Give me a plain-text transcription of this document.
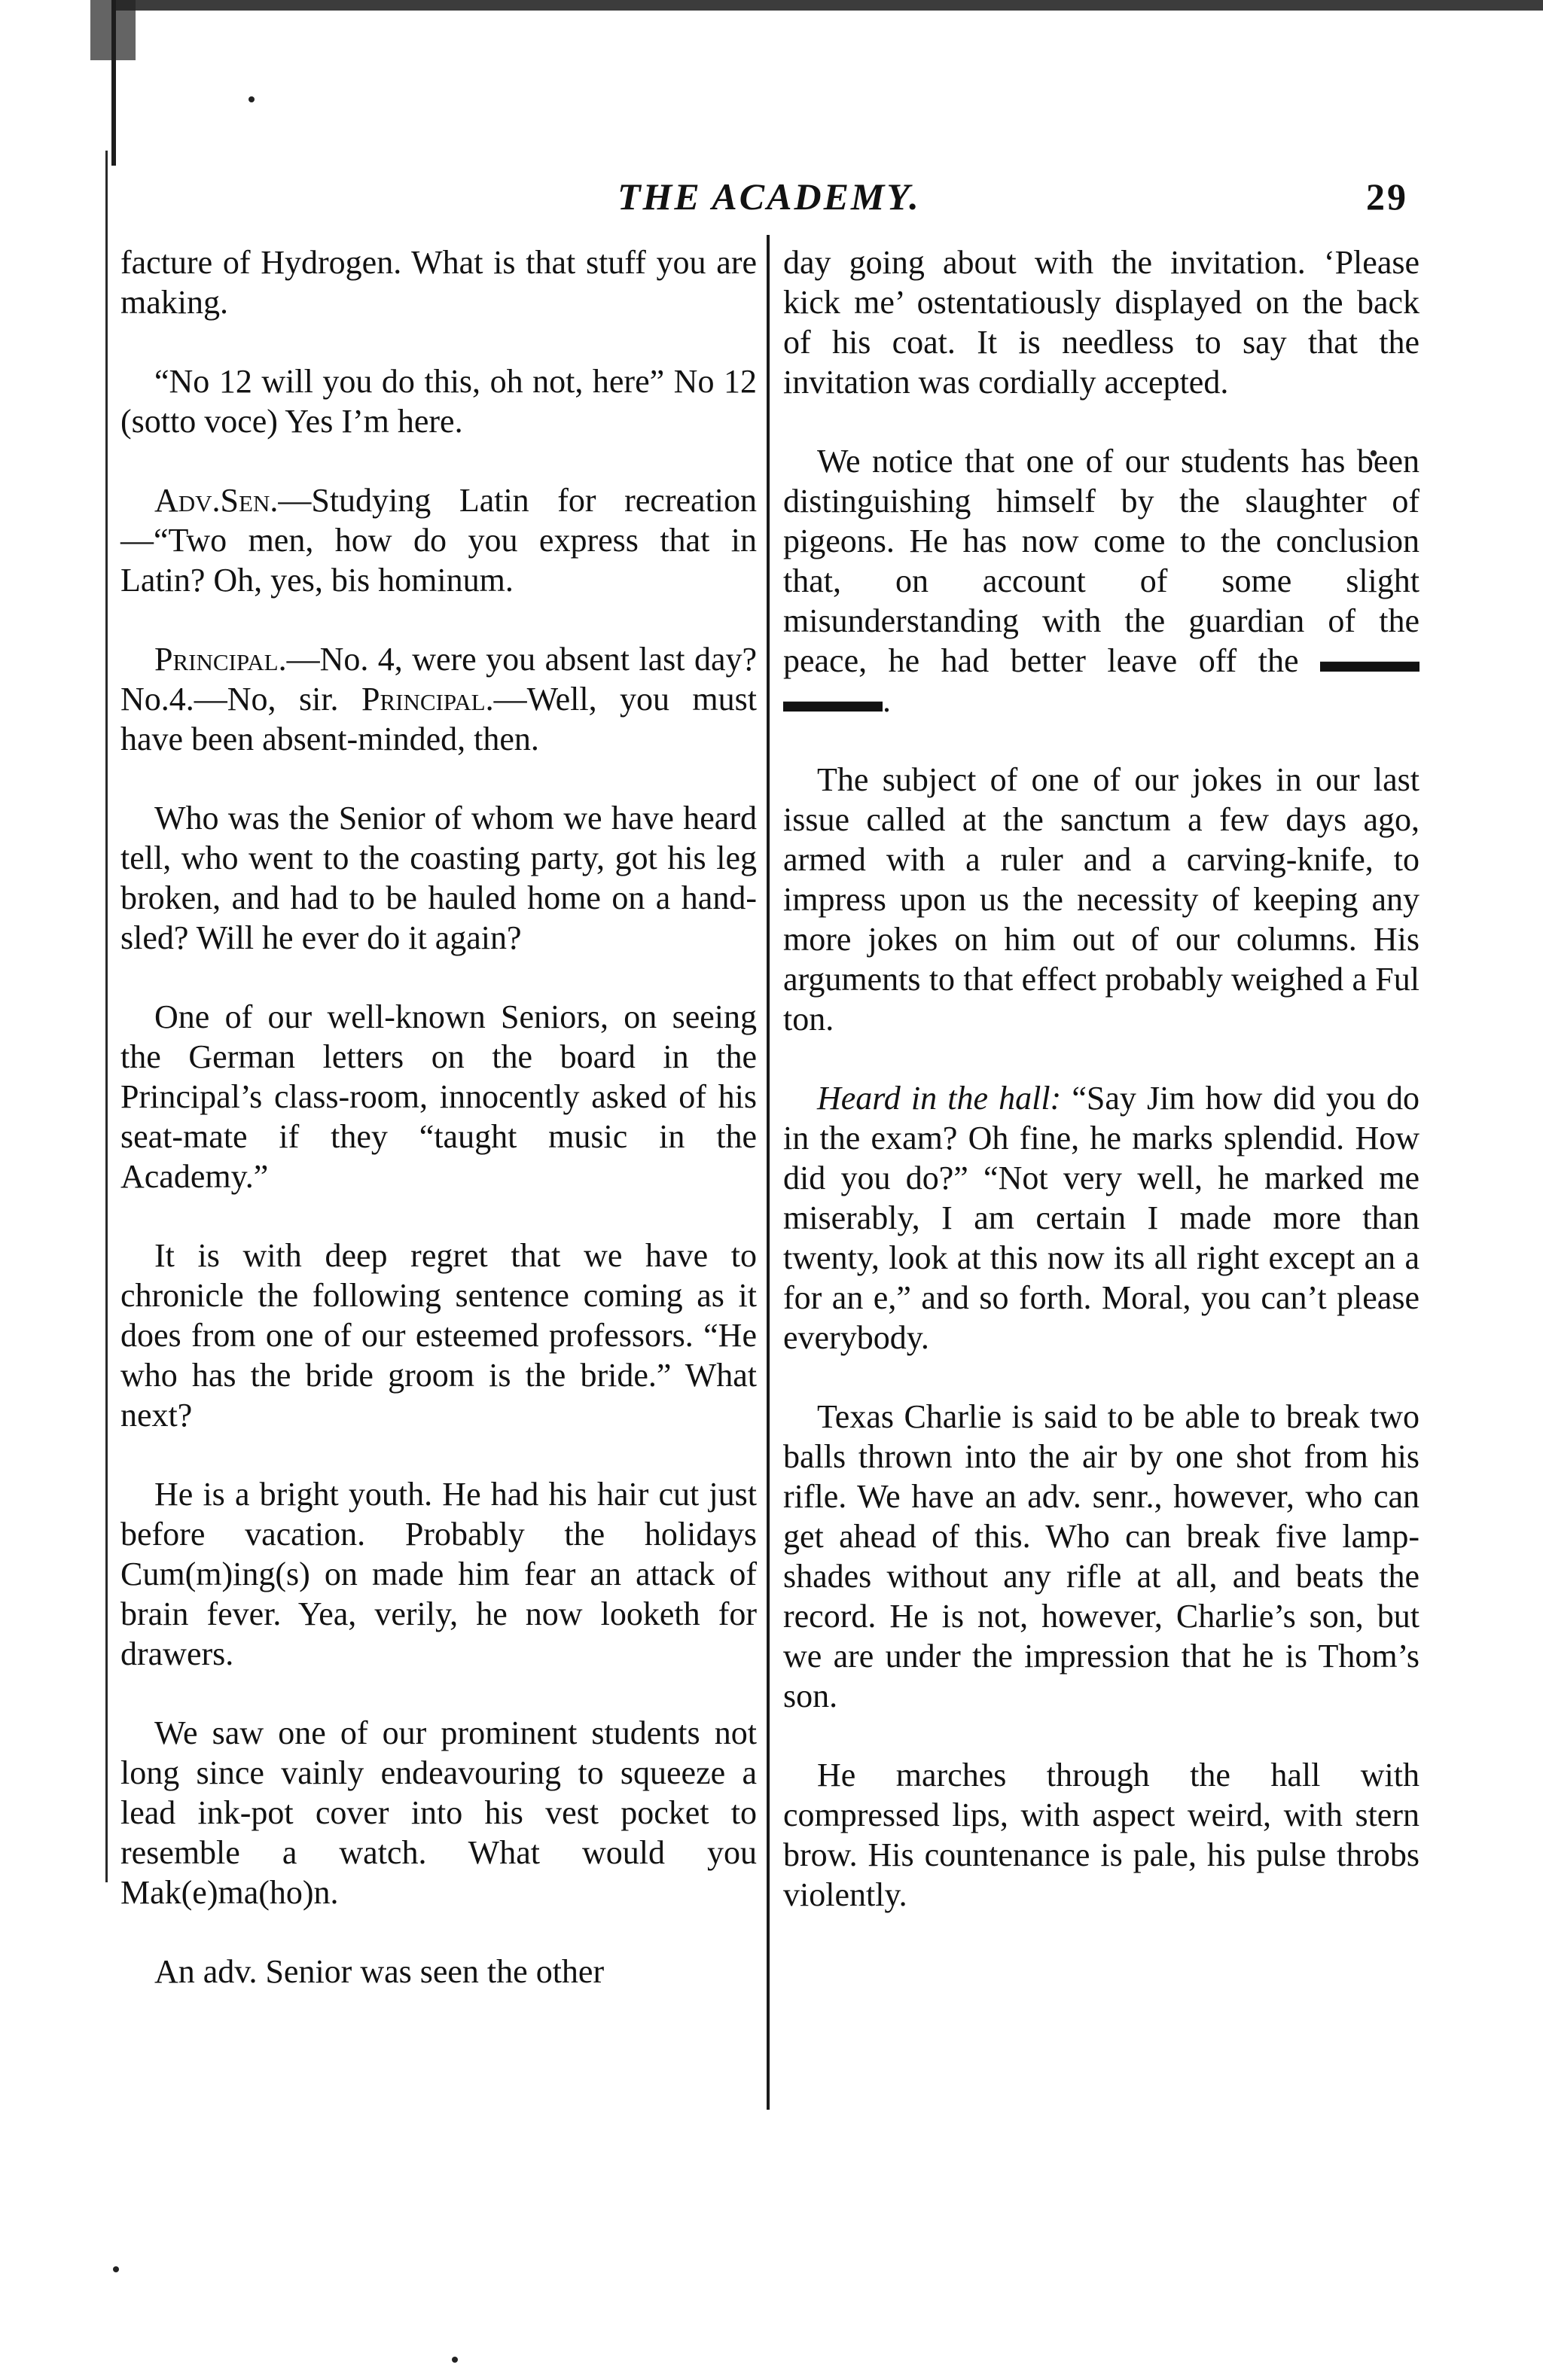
THE ACADEMY.	29

facture of Hydrogen. What is that stuff you are making.

“No 12 will you do this, oh not, here” No 12 (sotto voce) Yes I’m here.

Adv.Sen.—Studying Latin for recreation—“Two men, how do you express that in Latin? Oh, yes, bis hominum.

Principal.—No. 4, were you absent last day? No.4.—No, sir. Principal.—Well, you must have been absent-minded, then.

Who was the Senior of whom we have heard tell, who went to the coasting party, got his leg broken, and had to be hauled home on a hand-sled? Will he ever do it again?

One of our well-known Seniors, on seeing the German letters on the board in the Principal’s class-room, innocently asked of his seat-mate if they “taught music in the Academy.”

It is with deep regret that we have to chronicle the following sentence coming as it does from one of our esteemed professors. “He who has the bride groom is the bride.” What next?

He is a bright youth. He had his hair cut just before vacation. Probably the holidays Cum(m)ing(s) on made him fear an attack of brain fever. Yea, verily, he now looketh for drawers.

We saw one of our prominent students not long since vainly endeavouring to squeeze a lead ink-pot cover into his vest pocket to resemble a watch. What would you Mak(e)ma(ho)n.

An adv. Senior was seen the other

day going about with the invitation. ‘Please kick me’ ostentatiously displayed on the back of his coat. It is needless to say that the invitation was cordially accepted.

We notice that one of our students has been distinguishing himself by the slaughter of pigeons. He has now come to the conclusion that, on account of some slight misunderstanding with the guardian of the peace, he had better leave off the ▬▬▬ ▬▬▬.

The subject of one of our jokes in our last issue called at the sanctum a few days ago, armed with a ruler and a carving-knife, to impress upon us the necessity of keeping any more jokes on him out of our columns. His arguments to that effect probably weighed a Ful ton.

Heard in the hall: “Say Jim how did you do in the exam? Oh fine, he marks splendid. How did you do?” “Not very well, he marked me miserably, I am certain I made more than twenty, look at this now its all right except an a for an e,” and so forth. Moral, you can’t please everybody.

Texas Charlie is said to be able to break two balls thrown into the air by one shot from his rifle. We have an adv. senr., however, who can get ahead of this. Who can break five lamp-shades without any rifle at all, and beats the record. He is not, however, Charlie’s son, but we are under the impression that he is Thom’s son.

He marches through the hall with compressed lips, with aspect weird, with stern brow. His countenance is pale, his pulse throbs violently.
